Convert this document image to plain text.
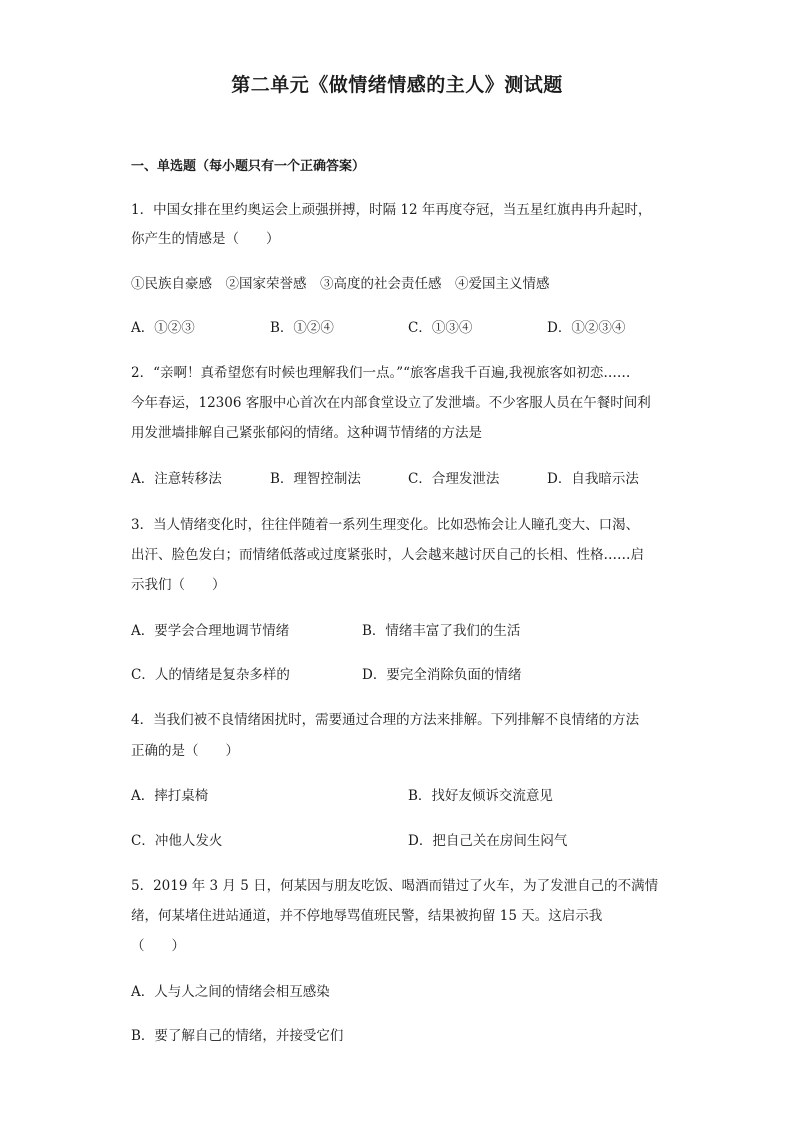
第二单元《做情绪情感的主人》测试题
一、单选题（每小题只有一个正确答案）
1．中国女排在里约奥运会上顽强拼搏，时隔 12 年再度夺冠，当五星红旗冉冉升起时，
你产生的情感是（　　）
①民族自豪感　②国家荣誉感　③高度的社会责任感　④爱国主义情感
A．①②③	B．①②④	C．①③④	D．①②③④
2．“亲啊！真希望您有时候也理解我们一点。”“旅客虐我千百遍,我视旅客如初恋……
今年春运，12306 客服中心首次在内部食堂设立了发泄墙。不少客服人员在午餐时间利
用发泄墙排解自己紧张郁闷的情绪。这种调节情绪的方法是
A．注意转移法	B．理智控制法	C．合理发泄法	D．自我暗示法
3．当人情绪变化时，往往伴随着一系列生理变化。比如恐怖会让人瞳孔变大、口渴、
出汗、脸色发白；而情绪低落或过度紧张时，人会越来越讨厌自己的长相、性格……启
示我们（　　）
A．要学会合理地调节情绪	B．情绪丰富了我们的生活
C．人的情绪是复杂多样的	D．要完全消除负面的情绪
4．当我们被不良情绪困扰时，需要通过合理的方法来排解。下列排解不良情绪的方法
正确的是（　　）
A．摔打桌椅	B．找好友倾诉交流意见
C．冲他人发火	D．把自己关在房间生闷气
5．2019 年 3 月 5 日，何某因与朋友吃饭、喝酒而错过了火车，为了发泄自己的不满情
绪，何某堵住进站通道，并不停地辱骂值班民警，结果被拘留 15 天。这启示我
（　　）
A．人与人之间的情绪会相互感染
B．要了解自己的情绪，并接受它们
